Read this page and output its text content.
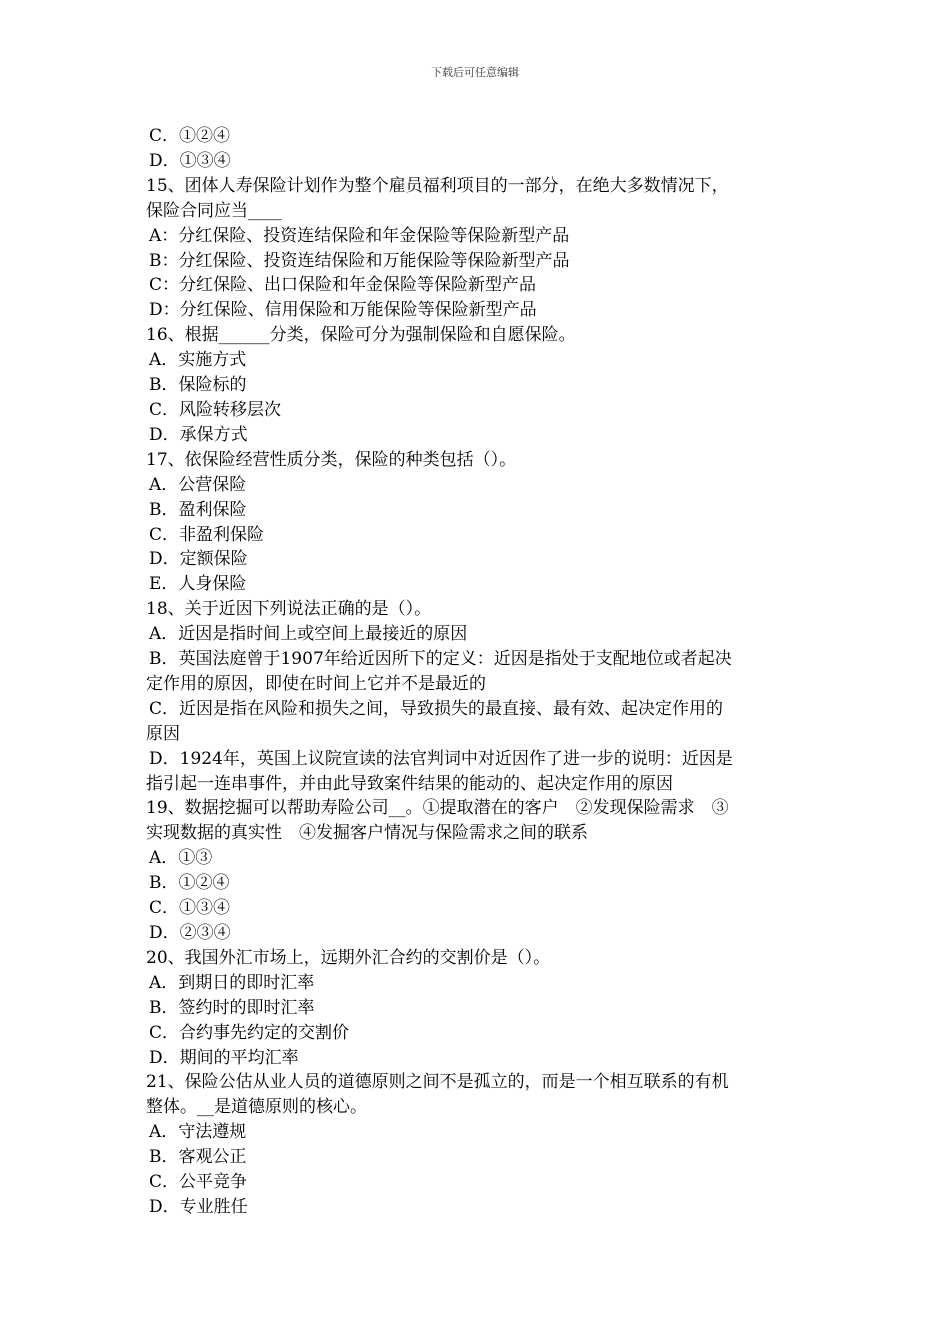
下载后可任意编辑
C．①②④
D．①③④
15、团体人寿保险计划作为整个雇员福利项目的一部分，在绝大多数情况下，
保险合同应当____
A：分红保险、投资连结保险和年金保险等保险新型产品
B：分红保险、投资连结保险和万能保险等保险新型产品
C：分红保险、出口保险和年金保险等保险新型产品
D：分红保险、信用保险和万能保险等保险新型产品
16、根据______分类，保险可分为强制保险和自愿保险。
A．实施方式
B．保险标的
C．风险转移层次
D．承保方式
17、依保险经营性质分类，保险的种类包括（）。
A．公营保险
B．盈利保险
C．非盈利保险
D．定额保险
E．人身保险
18、关于近因下列说法正确的是（）。
A．近因是指时间上或空间上最接近的原因
B．英国法庭曾于1907年给近因所下的定义：近因是指处于支配地位或者起决
定作用的原因，即使在时间上它并不是最近的
C．近因是指在风险和损失之间，导致损失的最直接、最有效、起决定作用的
原因
D．1924年，英国上议院宣读的法官判词中对近因作了进一步的说明：近因是
指引起一连串事件，并由此导致案件结果的能动的、起决定作用的原因
19、数据挖掘可以帮助寿险公司__。①提取潜在的客户　②发现保险需求　③
实现数据的真实性　④发掘客户情况与保险需求之间的联系
A．①③
B．①②④
C．①③④
D．②③④
20、我国外汇市场上，远期外汇合约的交割价是（）。
A．到期日的即时汇率
B．签约时的即时汇率
C．合约事先约定的交割价
D．期间的平均汇率
21、保险公估从业人员的道德原则之间不是孤立的，而是一个相互联系的有机
整体。__是道德原则的核心。
A．守法遵规
B．客观公正
C．公平竞争
D．专业胜任
